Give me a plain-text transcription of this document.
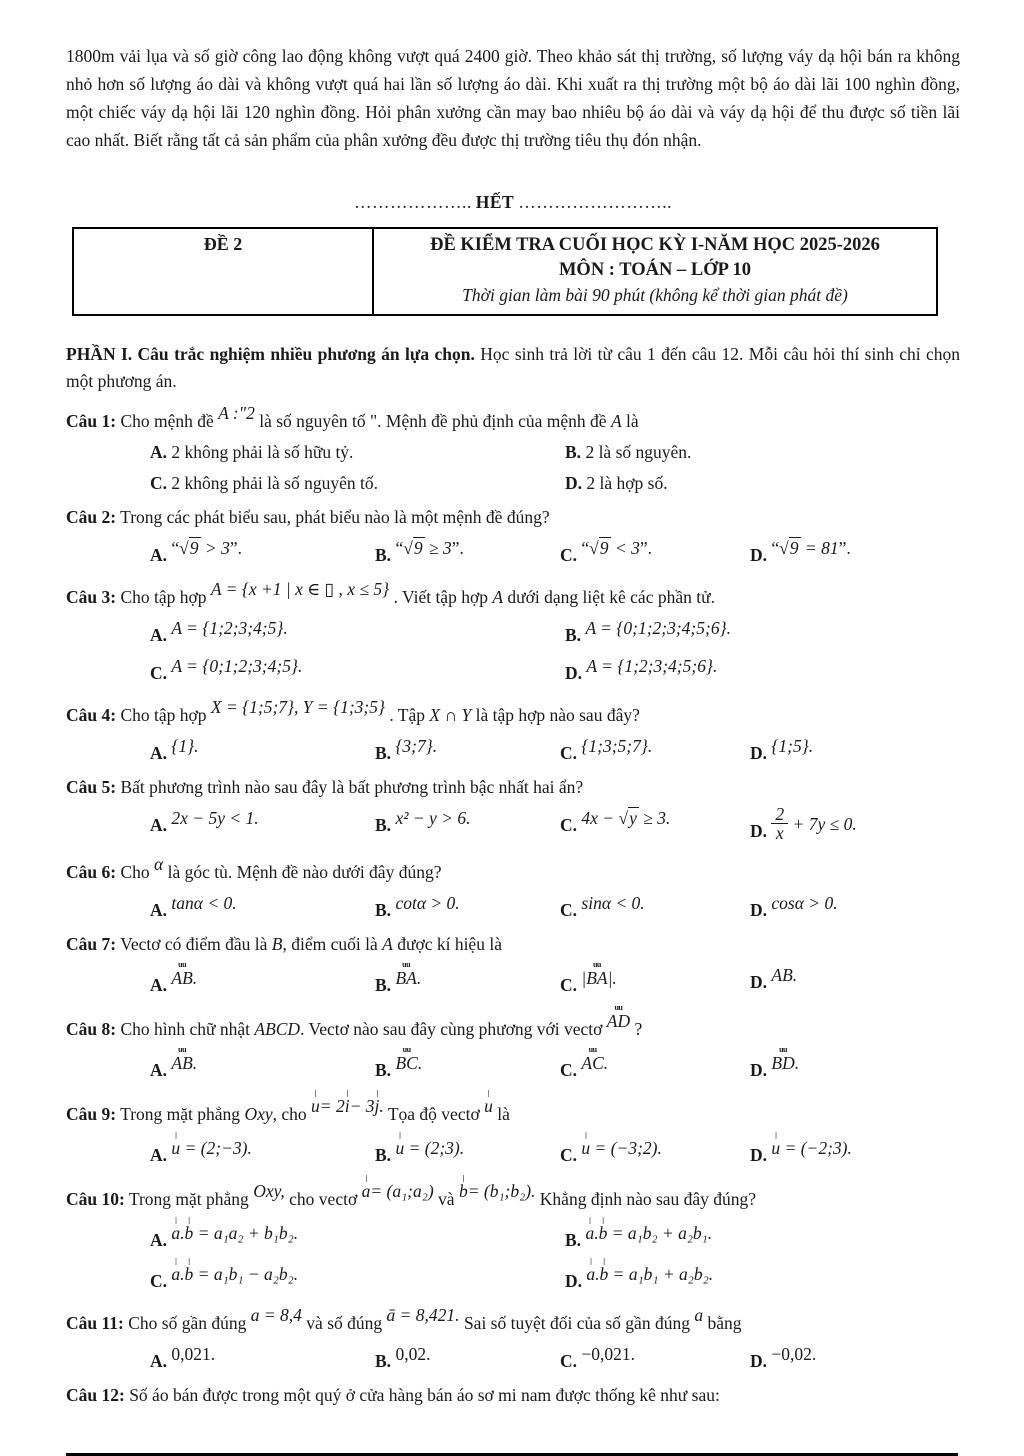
1800m vải lụa và số giờ công lao động không vượt quá 2400 giờ. Theo khảo sát thị trường, số lượng váy dạ hội bán ra không nhỏ hơn số lượng áo dài và không vượt quá hai lần số lượng áo dài. Khi xuất ra thị trường một bộ áo dài lãi 100 nghìn đồng, một chiếc váy dạ hội lãi 120 nghìn đồng. Hỏi phân xưởng cần may bao nhiêu bộ áo dài và váy dạ hội để thu được số tiền lãi cao nhất. Biết rằng tất cả sản phẩm của phân xưởng đều được thị trường tiêu thụ đón nhận.
……………….. HẾT ……………………..
ĐỀ 2	ĐỀ KIỂM TRA CUỐI HỌC KỲ I-NĂM HỌC 2025-2026
MÔN : TOÁN – LỚP 10
Thời gian làm bài 90 phút (không kể thời gian phát đề)
PHẦN I. Câu trắc nghiệm nhiều phương án lựa chọn. Học sinh trả lời từ câu 1 đến câu 12. Mỗi câu hỏi thí sinh chỉ chọn một phương án.
Câu 1: Cho mệnh đề A :"2 là số nguyên tố ". Mệnh đề phủ định của mệnh đề A là
A. 2 không phải là số hữu tỷ.	B. 2 là số nguyên.
C. 2 không phải là số nguyên tố.	D. 2 là hợp số.
Câu 2: Trong các phát biểu sau, phát biểu nào là một mệnh đề đúng?
A. “√9 > 3”.	B. “√9 ≥ 3”.	C. “√9 < 3”.	D. “√9 = 81”.
Câu 3: Cho tập hợp A = {x +1 | x ∈ ▯ , x ≤ 5} . Viết tập hợp A dưới dạng liệt kê các phần tử.
A. A = {1;2;3;4;5}.	B. A = {0;1;2;3;4;5;6}.
C. A = {0;1;2;3;4;5}.	D. A = {1;2;3;4;5;6}.
Câu 4: Cho tập hợp X = {1;5;7}, Y = {1;3;5} . Tập X ∩ Y là tập hợp nào sau đây?
A. {1}.	B. {3;7}.	C. {1;3;5;7}.	D. {1;5}.
Câu 5: Bất phương trình nào sau đây là bất phương trình bậc nhất hai ẩn?
A. 2x − 5y < 1.	B. x² − y > 6.	C. 4x − √y ≥ 3.
D. $\frac{2}{x} + 7y \le 0$.
Câu 6: Cho α là góc tù. Mệnh đề nào dưới đây đúng?
A. tanα < 0.	B. cotα > 0.	C. sinα < 0.	D. cosα > 0.
Câu 7: Vectơ có điểm đầu là B, điểm cuối là A được kí hiệu là
A.
uu
AB .	B.
uu
BA .	C. |
uu
BA |.	D. AB.
Câu 8: Cho hình chữ nhật ABCD. Vectơ nào sau đây cùng phương với vectơ
uu
AD ?
A.
uu
AB .	B.
uu
BC .	C.
uu
AC .	D.
uu
BD .
Câu 9: Trong mặt phẳng Oxy, cho
|
u = 2
|
i − 3
|
j . Tọa độ vectơ
|
u là
A.
|
u = (2;−3).	B.
|
u = (2;3).	C.
|
u = (−3;2).	D.
|
u = (−2;3).
Câu 10: Trong mặt phẳng Oxy, cho vectơ
|
a = (a₁;a₂) và
|
b = (b₁;b₂). Khẳng định nào sau đây đúng?
A.
|
a .
|
b = a₁a₂ + b₁b₂.	B.
|
a .
|
b = a₁b₂ + a₂b₁.
C.
|
a .
|
b = a₁b₁ − a₂b₂.	D.
|
a .
|
b = a₁b₁ + a₂b₂.
Câu 11: Cho số gần đúng a = 8,4 và số đúng ā = 8,421. Sai số tuyệt đối của số gần đúng a bằng
A. 0,021.	B. 0,02.	C. −0,021.	D. −0,02.
Câu 12: Số áo bán được trong một quý ở cửa hàng bán áo sơ mi nam được thống kê như sau:
